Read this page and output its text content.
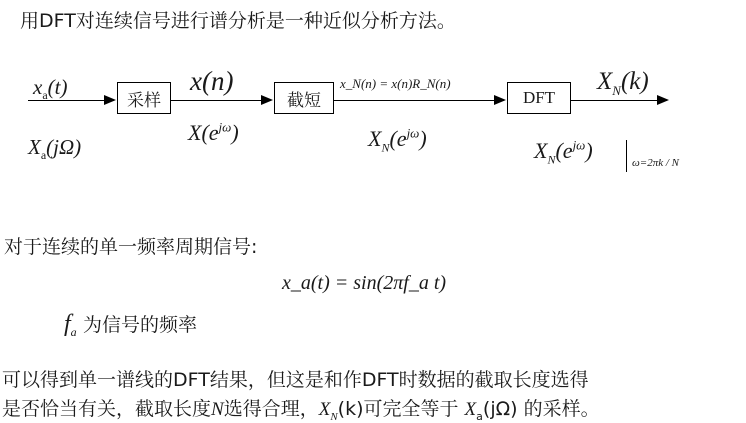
用DFT对连续信号进行谱分析是一种近似分析方法。
$x_a(t)$
$X_a(j\Omega)$
采样
x(n)
$X(e^{j\omega})$
截短
x_N(n) = x(n)R_N(n)
$X_N(e^{j\omega})$
DFT
$X_N(k)$
$X_N(e^{j\omega})$	ω=2πk / N
对于连续的单一频率周期信号:
x_a(t) = sin(2πf_a t)
$f_a$ 为信号的频率
可以得到单一谱线的DFT结果，但这是和作DFT时数据的截取长度选得
是否恰当有关，截取长度N选得合理，$X_N(k)$可完全等于 $X_a(j\Omega)$ 的采样。
